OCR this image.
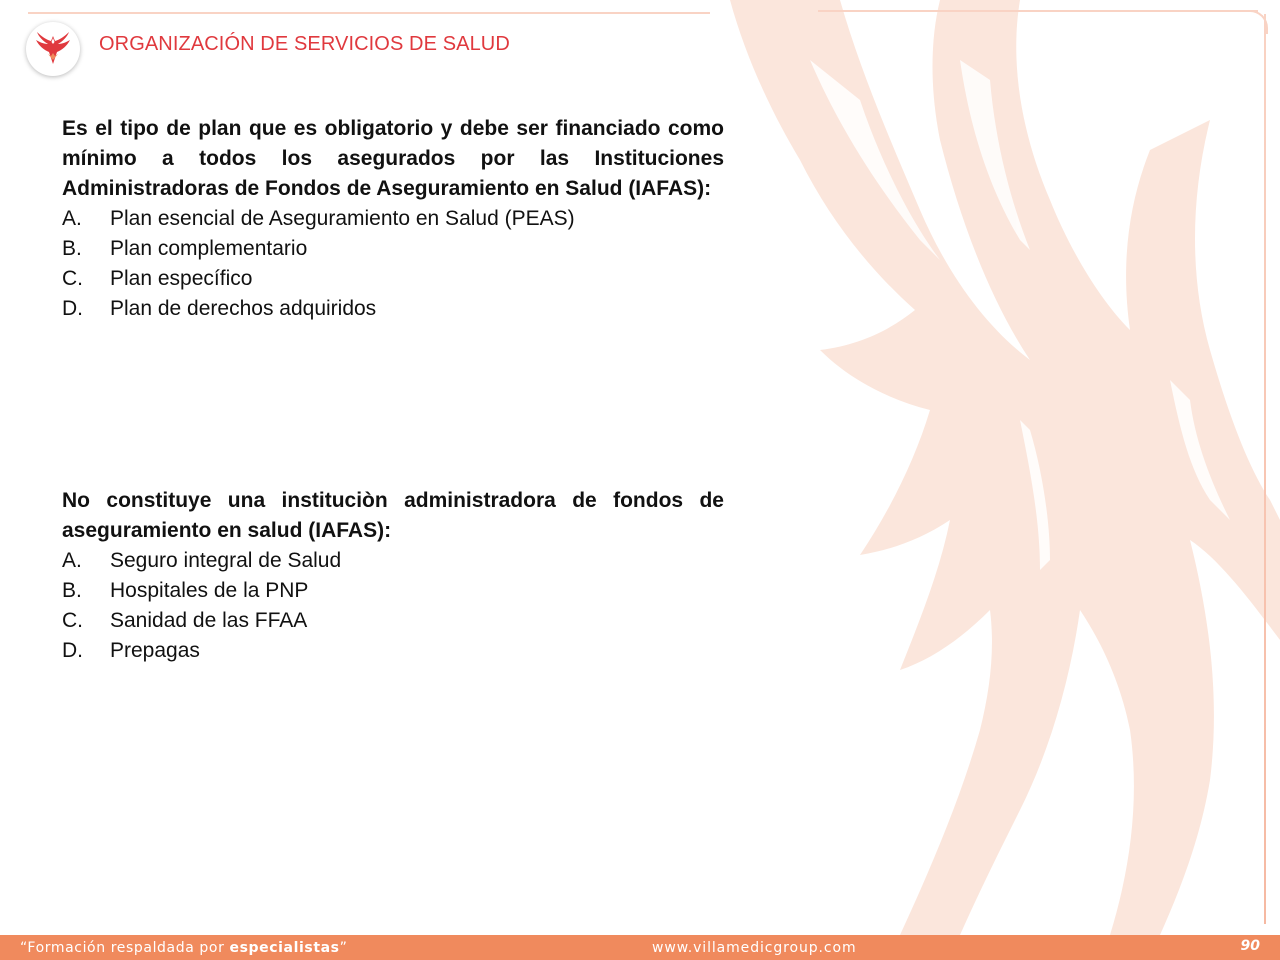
ORGANIZACIÓN DE SERVICIOS DE SALUD

Es el tipo de plan que es obligatorio y debe ser financiado como mínimo a todos los asegurados por las Instituciones Administradoras de Fondos de Aseguramiento en Salud (IAFAS):

A.	Plan esencial de Aseguramiento en Salud (PEAS)
B.	Plan complementario
C.	Plan específico
D.	Plan de derechos adquiridos

No constituye una instituciòn administradora de fondos de aseguramiento en salud (IAFAS):

A.	Seguro integral de Salud
B.	Hospitales de la PNP
C.	Sanidad de las FFAA
D.	Prepagas
“Formación respaldada por especialistas”	www.villamedicgroup.com	90
